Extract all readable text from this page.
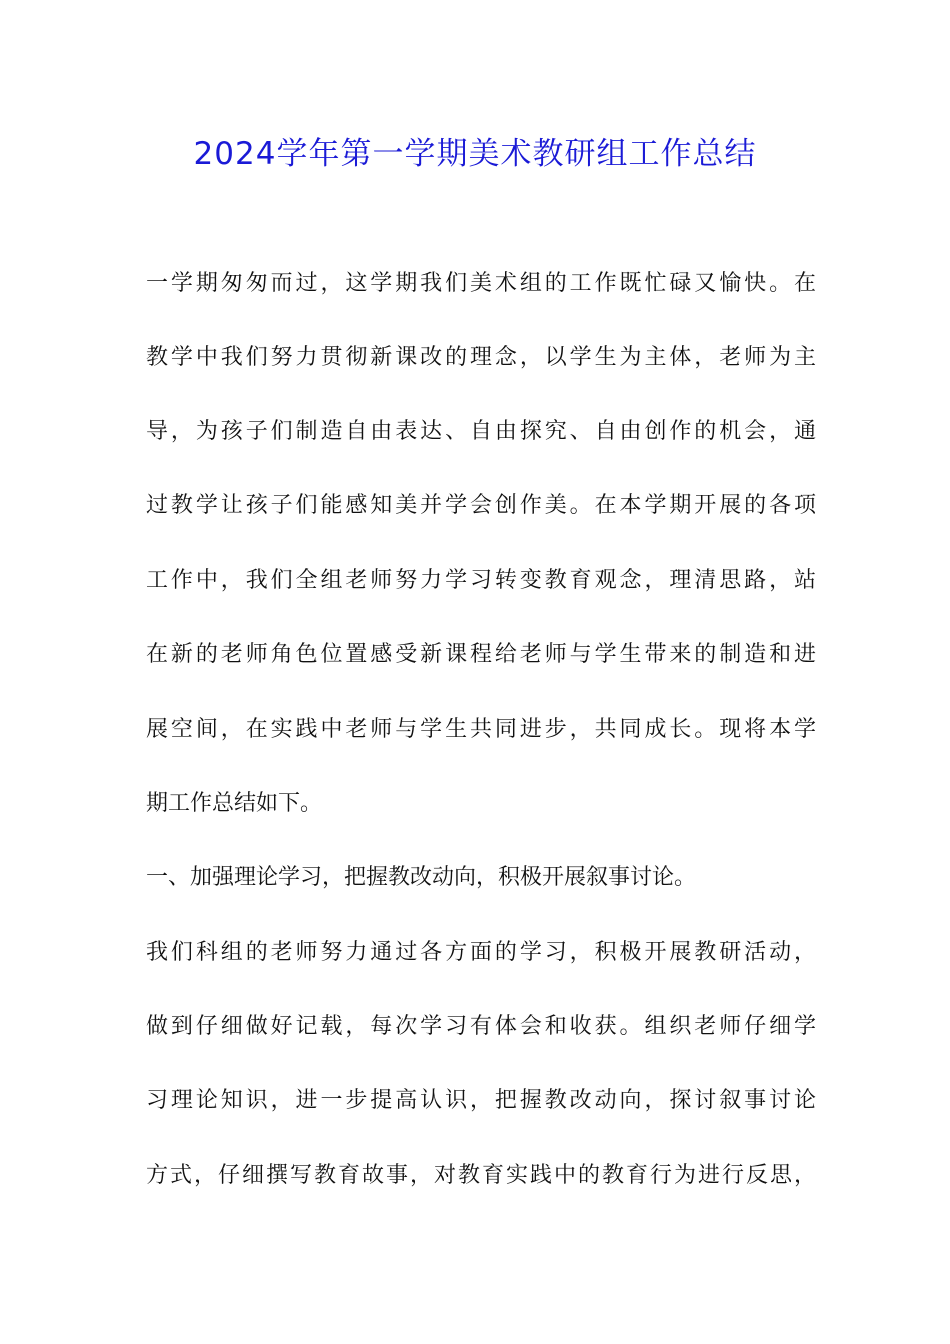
2024学年第一学期美术教研组工作总结
一学期匆匆而过，这学期我们美术组的工作既忙碌又愉快。在
教学中我们努力贯彻新课改的理念，以学生为主体，老师为主
导，为孩子们制造自由表达、自由探究、自由创作的机会，通
过教学让孩子们能感知美并学会创作美。在本学期开展的各项
工作中，我们全组老师努力学习转变教育观念，理清思路，站
在新的老师角色位置感受新课程给老师与学生带来的制造和进
展空间，在实践中老师与学生共同进步，共同成长。现将本学
期工作总结如下。
一、加强理论学习，把握教改动向，积极开展叙事讨论。
我们科组的老师努力通过各方面的学习，积极开展教研活动，
做到仔细做好记载，每次学习有体会和收获。组织老师仔细学
习理论知识，进一步提高认识，把握教改动向，探讨叙事讨论
方式，仔细撰写教育故事，对教育实践中的教育行为进行反思，
